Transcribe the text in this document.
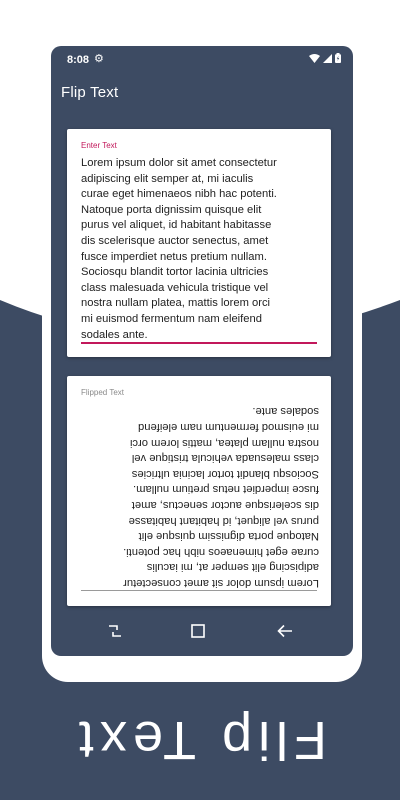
8:08 ⚙
Flip Text
Enter Text
Lorem ipsum dolor sit amet consectetur
adipiscing elit semper at, mi iaculis
curae eget himenaeos nibh hac potenti.
Natoque porta dignissim quisque elit
purus vel aliquet, id habitant habitasse
dis scelerisque auctor senectus, amet
fusce imperdiet netus pretium nullam.
Sociosqu blandit tortor lacinia ultricies
class malesuada vehicula tristique vel
nostra nullam platea, mattis lorem orci
mi euismod fermentum nam eleifend
sodales ante.
Flipped Text
Lorem ipsum dolor sit amet consectetur
adipiscing elit semper at, mi iaculis
curae eget himenaeos nibh hac potenti.
Natoque porta dignissim quisque elit
purus vel aliquet, id habitant habitasse
dis scelerisque auctor senectus, amet
fusce imperdiet netus pretium nullam.
Sociosqu blandit tortor lacinia ultricies
class malesuada vehicula tristique vel
nostra nullam platea, mattis lorem orci
mi euismod fermentum nam eleifend
sodales ante.
Flip Text
